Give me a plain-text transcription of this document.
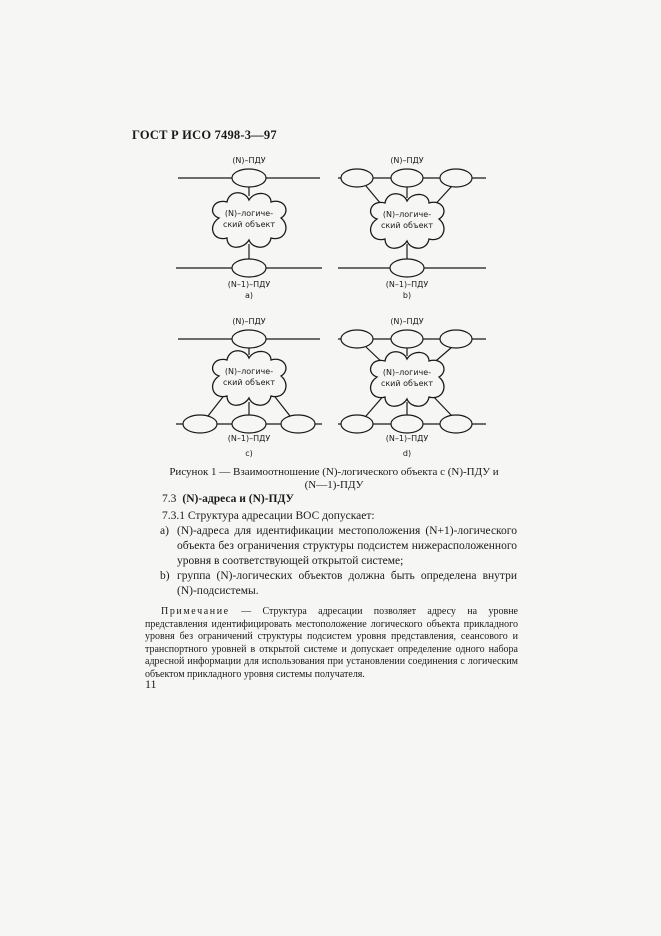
ГОСТ Р ИСО 7498-3—97
(N)–ПДУ
(N)–логиче-
ский объект
(N–1)–ПДУ
a)
(N)–ПДУ
(N)–логиче-
ский объект
(N–1)–ПДУ
b)
(N)–ПДУ
(N)–логиче-
ский объект
(N–1)–ПДУ
c)
(N)–ПДУ
(N)–логиче-
ский объект
(N–1)–ПДУ
d)
Рисунок 1 — Взаимоотношение (N)-логического объекта с (N)-ПДУ и
(N—1)-ПДУ
7.3 (N)-адреса и (N)-ПДУ
7.3.1 Структура адресации ВОС допускает:
a) (N)-адреса для идентификации местоположения (N+1)-логического объекта без ограничения структуры подсистем нижерасположенного уровня в соответствующей открытой системе;
b) группа (N)-логических объектов должна быть определена внутри (N)-подсистемы.
Примечание — Структура адресации позволяет адресу на уровне представления идентифицировать местоположение логического объекта прикладного уровня без ограничений структуры подсистем уровня представления, сеансового и транспортного уровней в открытой системе и допускает определение одного набора адресной информации для использования при установлении соединения с логическим объектом прикладного уровня системы получателя.
11
